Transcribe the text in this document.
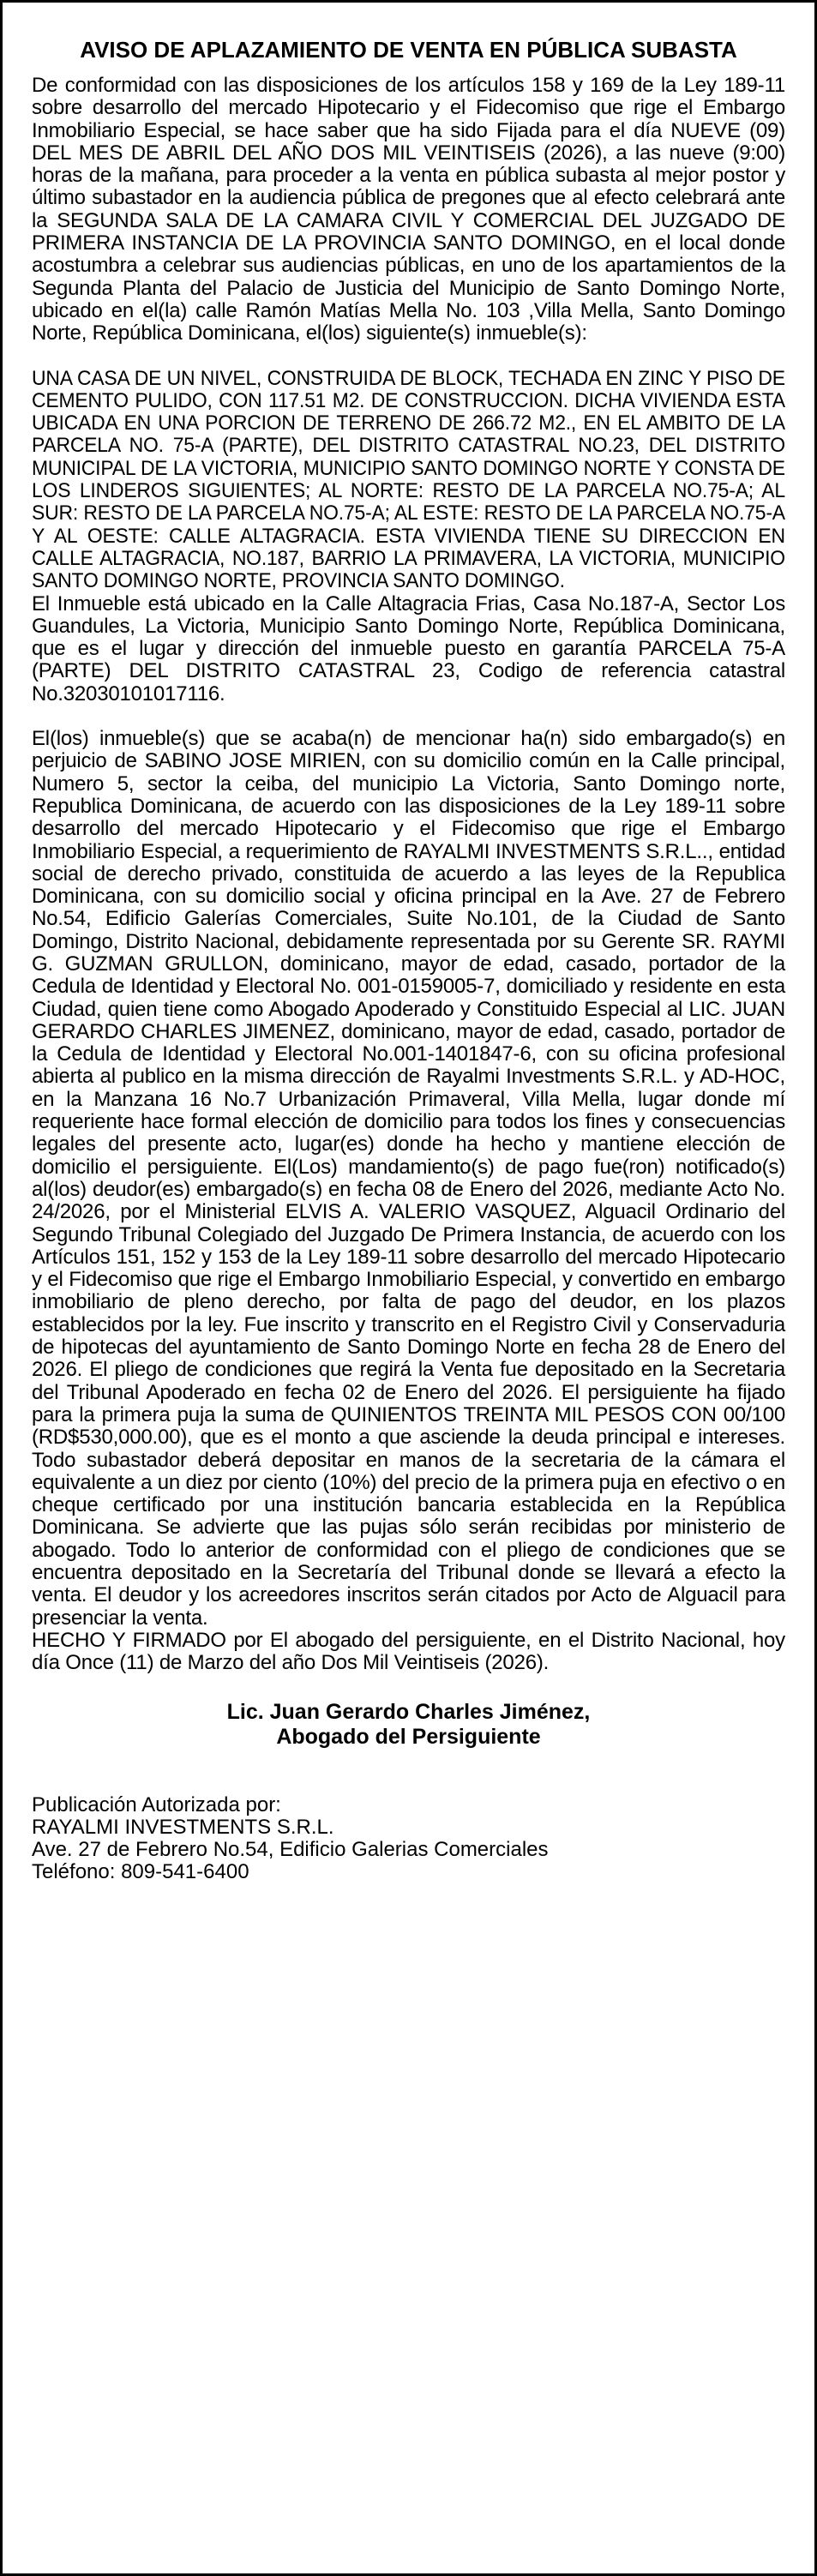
AVISO DE APLAZAMIENTO DE VENTA EN PÚBLICA SUBASTA
De conformidad con las disposiciones de los artículos 158 y 169 de la Ley 189-11 sobre desarrollo del mercado Hipotecario y el Fidecomiso que rige el Embargo Inmobiliario Especial, se hace saber que ha sido Fijada para el día NUEVE (09) DEL MES DE ABRIL DEL AÑO DOS MIL VEINTISEIS (2026), a las nueve (9:00) horas de la mañana, para proceder a la venta en pública subasta al mejor postor y último subastador en la audiencia pública de pregones que al efecto celebrará ante la SEGUNDA SALA DE LA CAMARA CIVIL Y COMERCIAL DEL JUZGADO DE PRIMERA INSTANCIA DE LA PROVINCIA SANTO DOMINGO, en el local donde acostumbra a celebrar sus audiencias públicas, en uno de los apartamientos de la Segunda Planta del Palacio de Justicia del Municipio de Santo Domingo Norte, ubicado en el(la) calle Ramón Matías Mella No. 103 ,Villa Mella, Santo Domingo Norte, República Dominicana, el(los) siguiente(s) inmueble(s):
UNA CASA DE UN NIVEL, CONSTRUIDA DE BLOCK, TECHADA EN ZINC Y PISO DE CEMENTO PULIDO, CON 117.51 M2. DE CONSTRUCCION. DICHA VIVIENDA ESTA UBICADA EN UNA PORCION DE TERRENO DE 266.72 M2., EN EL AMBITO DE LA PARCELA NO. 75-A (PARTE), DEL DISTRITO CATASTRAL NO.23, DEL DISTRITO MUNICIPAL DE LA VICTORIA, MUNICIPIO SANTO DOMINGO NORTE Y CONSTA DE LOS LINDEROS SIGUIENTES; AL NORTE: RESTO DE LA PARCELA NO.75-A; AL SUR: RESTO DE LA PARCELA NO.75-A; AL ESTE: RESTO DE LA PARCELA NO.75-A Y AL OESTE: CALLE ALTAGRACIA. ESTA VIVIENDA TIENE SU DIRECCION EN CALLE ALTAGRACIA, NO.187, BARRIO LA PRIMAVERA, LA VICTORIA, MUNICIPIO SANTO DOMINGO NORTE, PROVINCIA SANTO DOMINGO.
El Inmueble está ubicado en la Calle Altagracia Frias, Casa No.187-A, Sector Los Guandules, La Victoria, Municipio Santo Domingo Norte, República Dominicana, que es el lugar y dirección del inmueble puesto en garantía PARCELA 75-A (PARTE) DEL DISTRITO CATASTRAL 23, Codigo de referencia catastral No.32030101017116.
El(los) inmueble(s) que se acaba(n) de mencionar ha(n) sido embargado(s) en perjuicio de SABINO JOSE MIRIEN, con su domicilio común en la Calle principal, Numero 5, sector la ceiba, del municipio La Victoria, Santo Domingo norte, Republica Dominicana, de acuerdo con las disposiciones de la Ley 189-11 sobre desarrollo del mercado Hipotecario y el Fidecomiso que rige el Embargo Inmobiliario Especial, a requerimiento de RAYALMI INVESTMENTS S.R.L.., entidad social de derecho privado, constituida de acuerdo a las leyes de la Republica Dominicana, con su domicilio social y oficina principal en la Ave. 27 de Febrero No.54, Edificio Galerías Comerciales, Suite No.101, de la Ciudad de Santo Domingo, Distrito Nacional, debidamente representada por su Gerente SR. RAYMI G. GUZMAN GRULLON, dominicano, mayor de edad, casado, portador de la Cedula de Identidad y Electoral No. 001-0159005-7, domiciliado y residente en esta Ciudad, quien tiene como Abogado Apoderado y Constituido Especial al LIC. JUAN GERARDO CHARLES JIMENEZ, dominicano, mayor de edad, casado, portador de la Cedula de Identidad y Electoral No.001-1401847-6, con su oficina profesional abierta al publico en la misma dirección de Rayalmi Investments S.R.L. y AD-HOC, en la Manzana 16 No.7 Urbanización Primaveral, Villa Mella, lugar donde mí requeriente hace formal elección de domicilio para todos los fines y consecuencias legales del presente acto, lugar(es) donde ha hecho y mantiene elección de domicilio el persiguiente. El(Los) mandamiento(s) de pago fue(ron) notificado(s) al(los) deudor(es) embargado(s) en fecha 08 de Enero del 2026, mediante Acto No. 24/2026, por el Ministerial ELVIS A. VALERIO VASQUEZ, Alguacil Ordinario del Segundo Tribunal Colegiado del Juzgado De Primera Instancia, de acuerdo con los Artículos 151, 152 y 153 de la Ley 189-11 sobre desarrollo del mercado Hipotecario y el Fidecomiso que rige el Embargo Inmobiliario Especial, y convertido en embargo inmobiliario de pleno derecho, por falta de pago del deudor, en los plazos establecidos por la ley. Fue inscrito y transcrito en el Registro Civil y Conservaduria de hipotecas del ayuntamiento de Santo Domingo Norte en fecha 28 de Enero del 2026. El pliego de condiciones que regirá la Venta fue depositado en la Secretaria del Tribunal Apoderado en fecha 02 de Enero del 2026. El persiguiente ha fijado para la primera puja la suma de QUINIENTOS TREINTA MIL PESOS CON 00/100 (RD$530,000.00), que es el monto a que asciende la deuda principal e intereses. Todo subastador deberá depositar en manos de la secretaria de la cámara el equivalente a un diez por ciento (10%) del precio de la primera puja en efectivo o en cheque certificado por una institución bancaria establecida en la República Dominicana. Se advierte que las pujas sólo serán recibidas por ministerio de abogado. Todo lo anterior de conformidad con el pliego de condiciones que se encuentra depositado en la Secretaría del Tribunal donde se llevará a efecto la venta. El deudor y los acreedores inscritos serán citados por Acto de Alguacil para presenciar la venta.
HECHO Y FIRMADO por El abogado del persiguiente, en el Distrito Nacional, hoy día Once (11) de Marzo del año Dos Mil Veintiseis (2026).
Lic. Juan Gerardo Charles Jiménez,
Abogado del Persiguiente
Publicación Autorizada por:
RAYALMI INVESTMENTS S.R.L.
Ave. 27 de Febrero No.54, Edificio Galerias Comerciales
Teléfono: 809-541-6400
